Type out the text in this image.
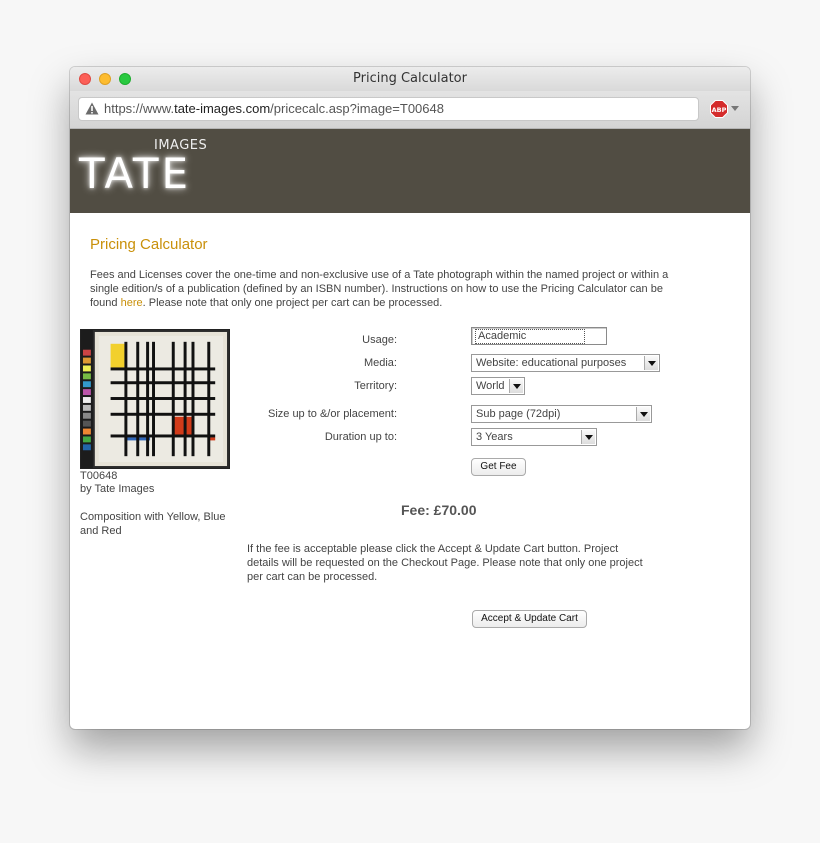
Pricing Calculator
https://www.tate-images.com/pricecalc.asp?image=T00648	ABP
IMAGES
TATE
Pricing Calculator
Fees and Licenses cover the one-time and non-exclusive use of a Tate photograph within the named project or within a single edition/s of a publication (defined by an ISBN number). Instructions on how to use the Pricing Calculator can be found here. Please note that only one project per cart can be processed.
T00648
by Tate Images
Composition with Yellow, Blue and Red
Usage:	Academic
Media:	Website: educational purposes
Territory:	World
Size up to &/or placement:	Sub page (72dpi)
Duration up to:	3 Years
Get Fee
Fee: £70.00
If the fee is acceptable please click the Accept & Update Cart button. Project details will be requested on the Checkout Page. Please note that only one project per cart can be processed.
Accept & Update Cart
